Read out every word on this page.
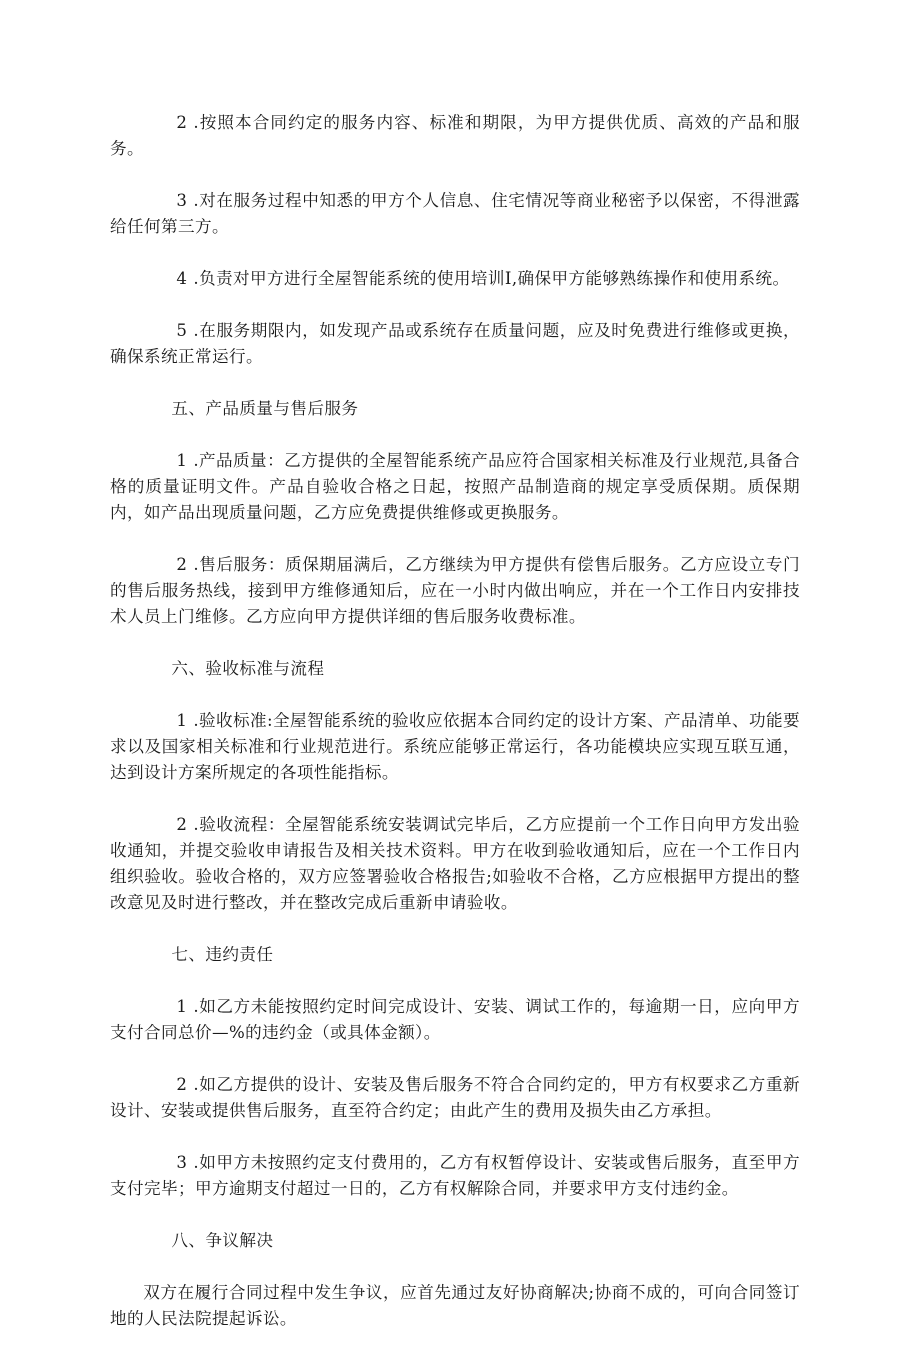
2 .按照本合同约定的服务内容、标准和期限，为甲方提供优质、高效的产品和服务。

3 .对在服务过程中知悉的甲方个人信息、住宅情况等商业秘密予以保密，不得泄露给任何第三方。

4 .负责对甲方进行全屋智能系统的使用培训I,确保甲方能够熟练操作和使用系统。

5 .在服务期限内，如发现产品或系统存在质量问题，应及时免费进行维修或更换，确保系统正常运行。

五、产品质量与售后服务

1 .产品质量：乙方提供的全屋智能系统产品应符合国家相关标准及行业规范,具备合格的质量证明文件。产品自验收合格之日起，按照产品制造商的规定享受质保期。质保期内，如产品出现质量问题，乙方应免费提供维修或更换服务。

2 .售后服务：质保期届满后，乙方继续为甲方提供有偿售后服务。乙方应设立专门的售后服务热线，接到甲方维修通知后，应在一小时内做出响应，并在一个工作日内安排技术人员上门维修。乙方应向甲方提供详细的售后服务收费标准。

六、验收标准与流程

1 .验收标准:全屋智能系统的验收应依据本合同约定的设计方案、产品清单、功能要求以及国家相关标准和行业规范进行。系统应能够正常运行，各功能模块应实现互联互通，达到设计方案所规定的各项性能指标。

2 .验收流程：全屋智能系统安装调试完毕后，乙方应提前一个工作日向甲方发出验收通知，并提交验收申请报告及相关技术资料。甲方在收到验收通知后，应在一个工作日内组织验收。验收合格的，双方应签署验收合格报告;如验收不合格，乙方应根据甲方提出的整改意见及时进行整改，并在整改完成后重新申请验收。

七、违约责任

1 .如乙方未能按照约定时间完成设计、安装、调试工作的，每逾期一日，应向甲方支付合同总价—%的违约金（或具体金额）。

2 .如乙方提供的设计、安装及售后服务不符合合同约定的，甲方有权要求乙方重新设计、安装或提供售后服务，直至符合约定；由此产生的费用及损失由乙方承担。

3 .如甲方未按照约定支付费用的，乙方有权暂停设计、安装或售后服务，直至甲方支付完毕；甲方逾期支付超过一日的，乙方有权解除合同，并要求甲方支付违约金。

八、争议解决

双方在履行合同过程中发生争议，应首先通过友好协商解决;协商不成的，可向合同签订地的人民法院提起诉讼。
